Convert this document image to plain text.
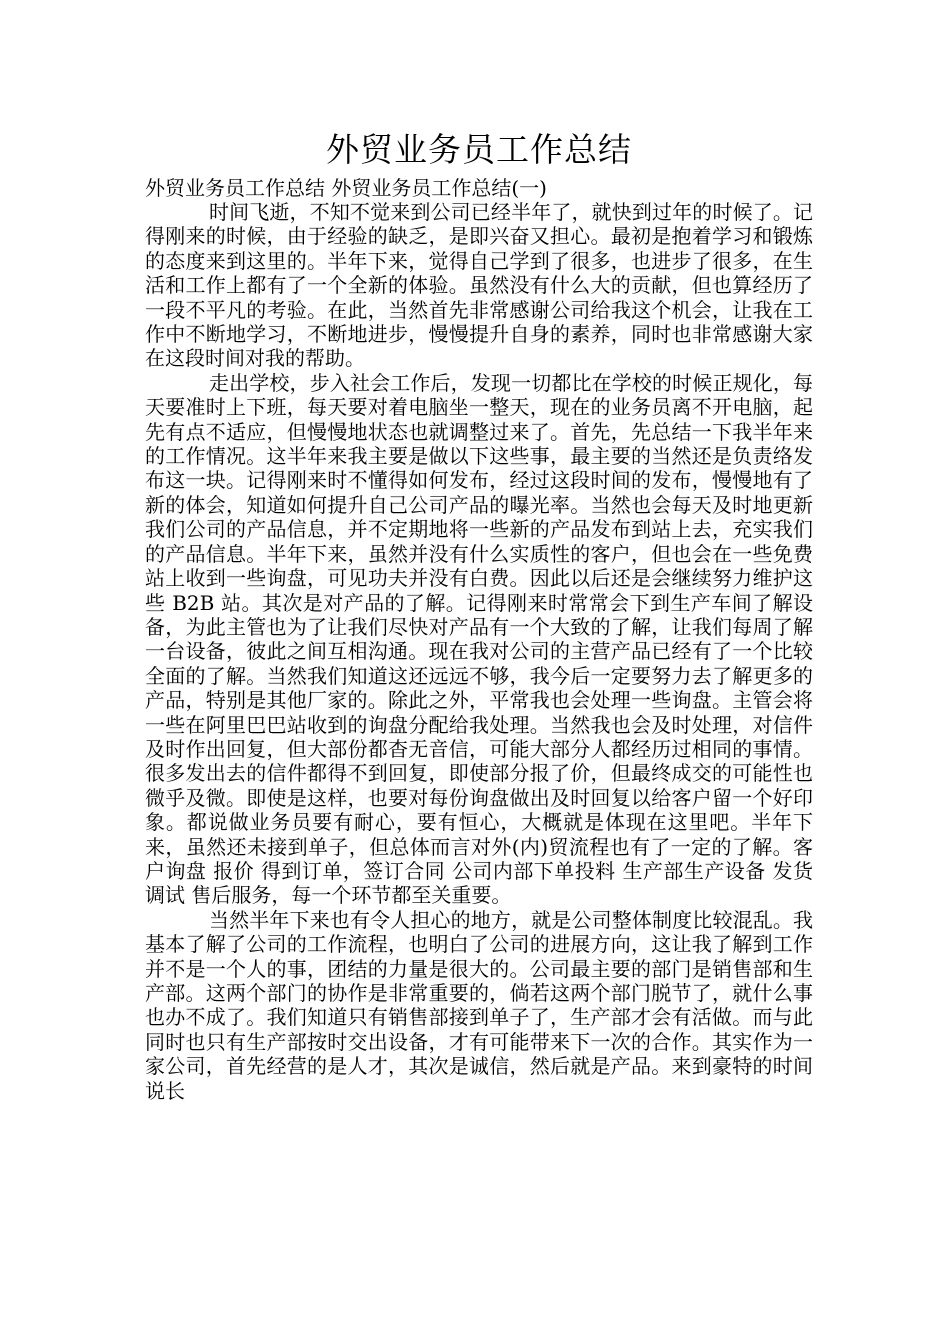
外贸业务员工作总结

外贸业务员工作总结 外贸业务员工作总结(一)

时间飞逝，不知不觉来到公司已经半年了，就快到过年的时候了。记得刚来的时候，由于经验的缺乏，是即兴奋又担心。最初是抱着学习和锻炼的态度来到这里的。半年下来，觉得自己学到了很多，也进步了很多，在生活和工作上都有了一个全新的体验。虽然没有什么大的贡献，但也算经历了一段不平凡的考验。在此，当然首先非常感谢公司给我这个机会，让我在工作中不断地学习，不断地进步，慢慢提升自身的素养，同时也非常感谢大家在这段时间对我的帮助。

走出学校，步入社会工作后，发现一切都比在学校的时候正规化，每天要准时上下班，每天要对着电脑坐一整天，现在的业务员离不开电脑，起先有点不适应，但慢慢地状态也就调整过来了。首先，先总结一下我半年来的工作情况。这半年来我主要是做以下这些事，最主要的当然还是负责络发布这一块。记得刚来时不懂得如何发布，经过这段时间的发布，慢慢地有了新的体会，知道如何提升自己公司产品的曝光率。当然也会每天及时地更新我们公司的产品信息，并不定期地将一些新的产品发布到站上去，充实我们的产品信息。半年下来，虽然并没有什么实质性的客户，但也会在一些免费站上收到一些询盘，可见功夫并没有白费。因此以后还是会继续努力维护这些 B2B 站。其次是对产品的了解。记得刚来时常常会下到生产车间了解设备，为此主管也为了让我们尽快对产品有一个大致的了解，让我们每周了解一台设备，彼此之间互相沟通。现在我对公司的主营产品已经有了一个比较全面的了解。当然我们知道这还远远不够，我今后一定要努力去了解更多的产品，特别是其他厂家的。除此之外，平常我也会处理一些询盘。主管会将一些在阿里巴巴站收到的询盘分配给我处理。当然我也会及时处理，对信件及时作出回复，但大部份都杳无音信，可能大部分人都经历过相同的事情。很多发出去的信件都得不到回复，即使部分报了价，但最终成交的可能性也微乎及微。即使是这样，也要对每份询盘做出及时回复以给客户留一个好印象。都说做业务员要有耐心，要有恒心，大概就是体现在这里吧。半年下来，虽然还未接到单子，但总体而言对外(内)贸流程也有了一定的了解。客户询盘 报价 得到订单，签订合同 公司内部下单投料 生产部生产设备 发货 调试 售后服务，每一个环节都至关重要。

当然半年下来也有令人担心的地方，就是公司整体制度比较混乱。我基本了解了公司的工作流程，也明白了公司的进展方向，这让我了解到工作并不是一个人的事，团结的力量是很大的。公司最主要的部门是销售部和生产部。这两个部门的协作是非常重要的，倘若这两个部门脱节了，就什么事也办不成了。我们知道只有销售部接到单子了，生产部才会有活做。而与此同时也只有生产部按时交出设备，才有可能带来下一次的合作。其实作为一家公司，首先经营的是人才，其次是诚信，然后就是产品。来到豪特的时间说长
